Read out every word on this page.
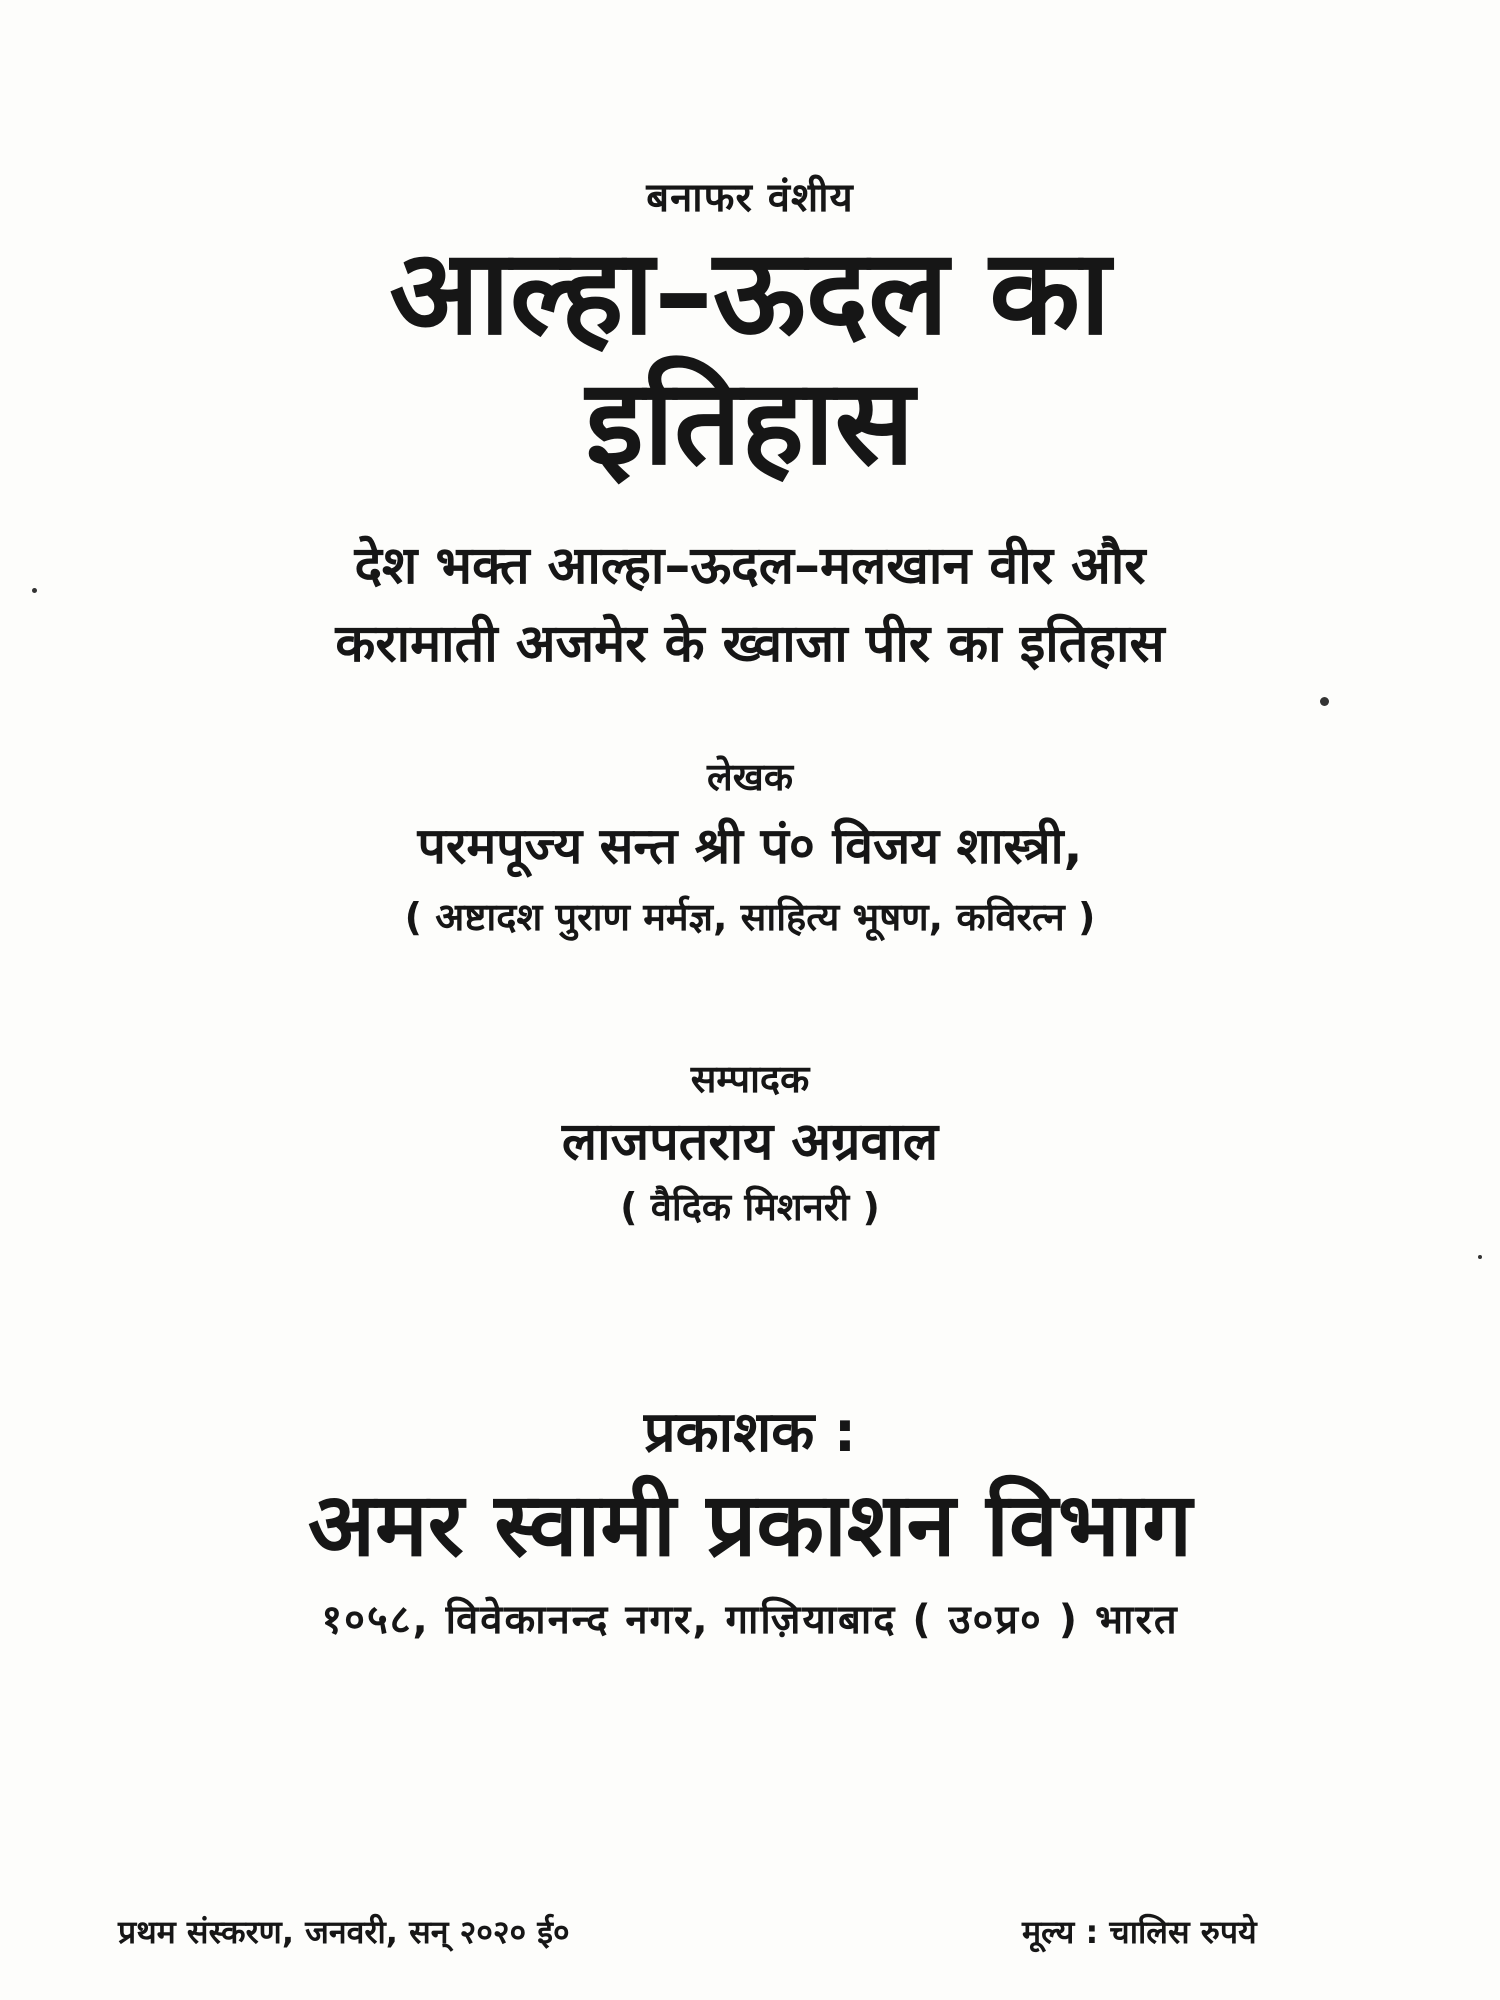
बनाफर वंशीय
आल्हा–ऊदल का
इतिहास
देश भक्त आल्हा–ऊदल–मलखान वीर और
करामाती अजमेर के ख्वाजा पीर का इतिहास
लेखक
परमपूज्य सन्त श्री पं० विजय शास्त्री,
( अष्टादश पुराण मर्मज्ञ, साहित्य भूषण, कविरत्न )
सम्पादक
लाजपतराय अग्रवाल
( वैदिक मिशनरी )
प्रकाशक :
अमर स्वामी प्रकाशन विभाग
१०५८, विवेकानन्द नगर, गाज़ियाबाद ( उ०प्र० ) भारत
प्रथम संस्करण, जनवरी, सन् २०२० ई०	मूल्य : चालिस रुपये
